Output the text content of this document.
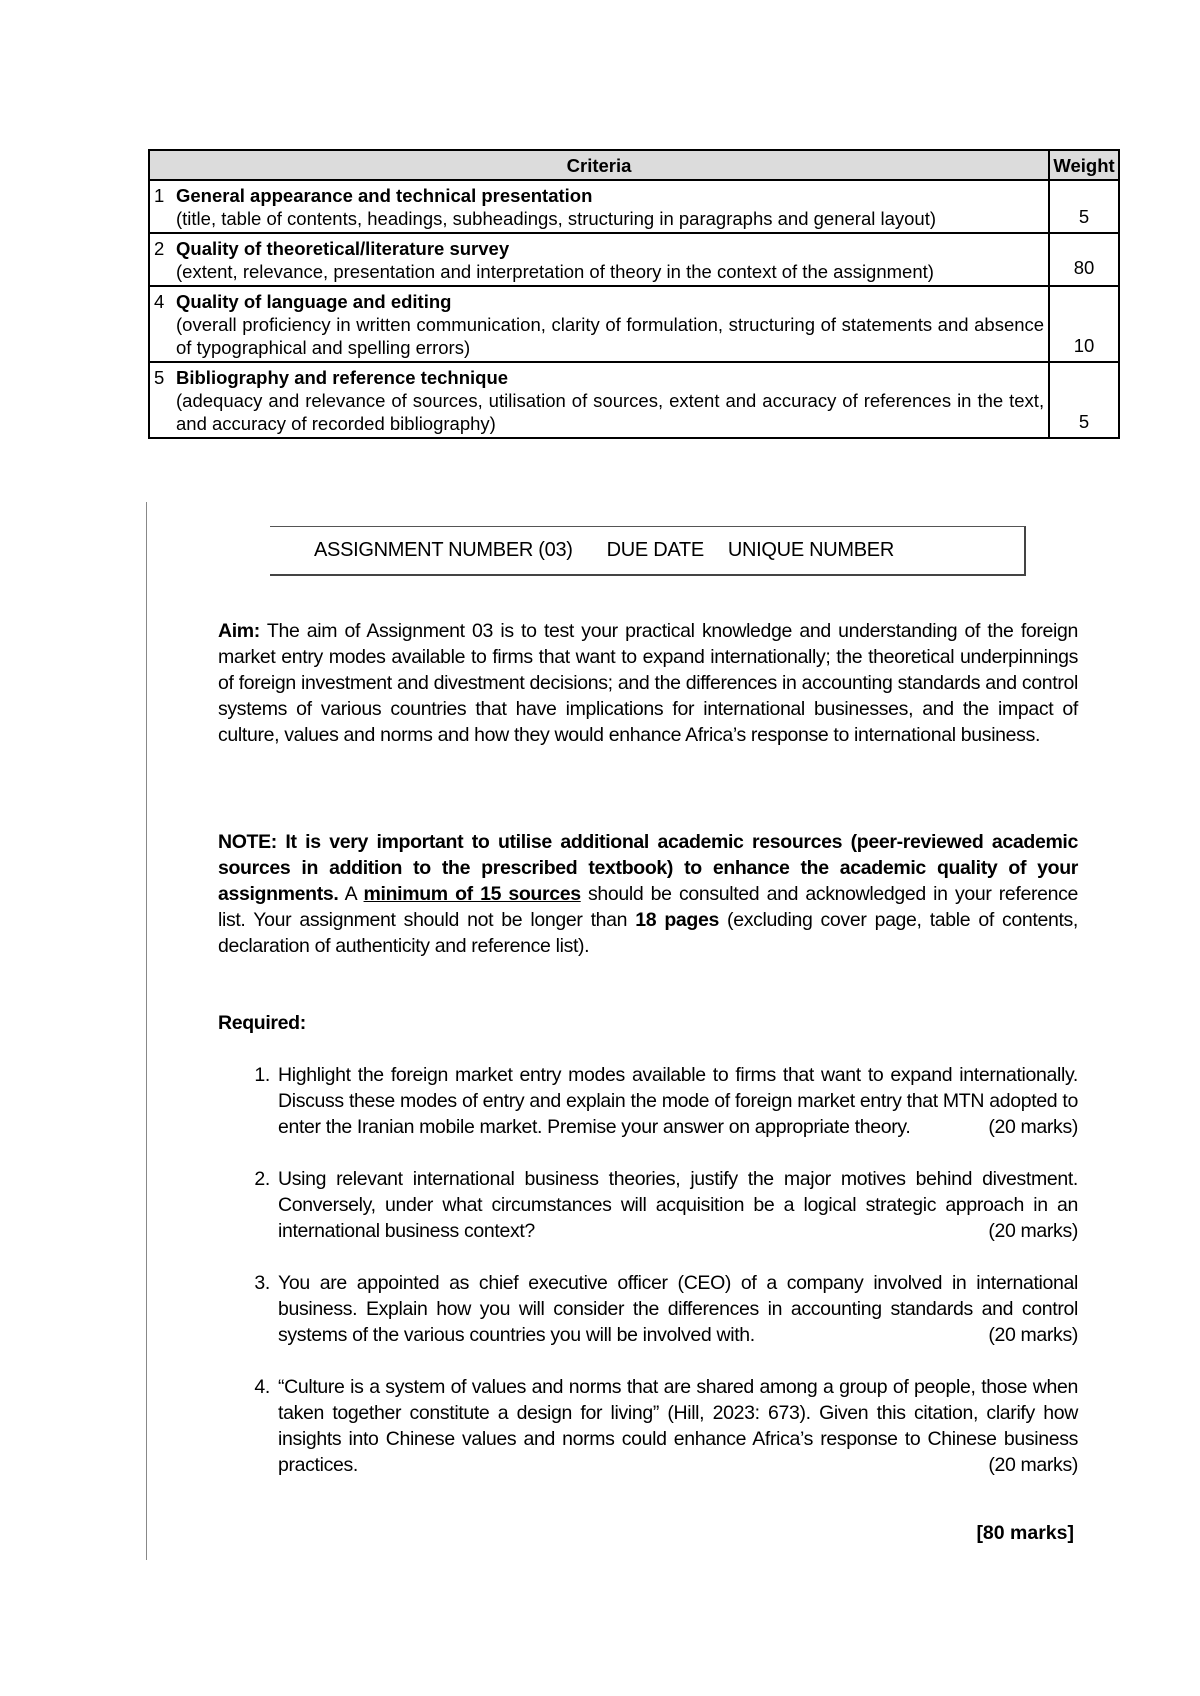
Criteria	Weight

1 General appearance and technical presentation
(title, table of contents, headings, subheadings, structuring in paragraphs and general layout)	5

2 Quality of theoretical/literature survey
(extent, relevance, presentation and interpretation of theory in the context of the assignment)	80

4 Quality of language and editing
(overall proficiency in written communication, clarity of formulation, structuring of statements and absence of typographical and spelling errors)	10

5 Bibliography and reference technique
(adequacy and relevance of sources, utilisation of sources, extent and accuracy of references in the text, and accuracy of recorded bibliography)	5
ASSIGNMENT NUMBER (03) DUE DATE UNIQUE NUMBER
Aim: The aim of Assignment 03 is to test your practical knowledge and understanding of the foreign market entry modes available to firms that want to expand internationally; the theoretical underpinnings of foreign investment and divestment decisions; and the differences in accounting standards and control systems of various countries that have implications for international businesses, and the impact of culture, values and norms and how they would enhance Africa’s response to international business.
NOTE: It is very important to utilise additional academic resources (peer-reviewed academic sources in addition to the prescribed textbook) to enhance the academic quality of your assignments. A minimum of 15 sources should be consulted and acknowledged in your reference list. Your assignment should not be longer than 18 pages (excluding cover page, table of contents, declaration of authenticity and reference list).
Required:
1. Highlight the foreign market entry modes available to firms that want to expand internationally. Discuss these modes of entry and explain the mode of foreign market entry that MTN adopted to enter the Iranian mobile market. Premise your answer on appropriate theory.	(20 marks)
2. Using relevant international business theories, justify the major motives behind divestment. Conversely, under what circumstances will acquisition be a logical strategic approach in an international business context?	(20 marks)
3. You are appointed as chief executive officer (CEO) of a company involved in international business. Explain how you will consider the differences in accounting standards and control systems of the various countries you will be involved with.	(20 marks)
4. “Culture is a system of values and norms that are shared among a group of people, those when taken together constitute a design for living” (Hill, 2023: 673). Given this citation, clarify how insights into Chinese values and norms could enhance Africa’s response to Chinese business practices.	(20 marks)
[80 marks]
